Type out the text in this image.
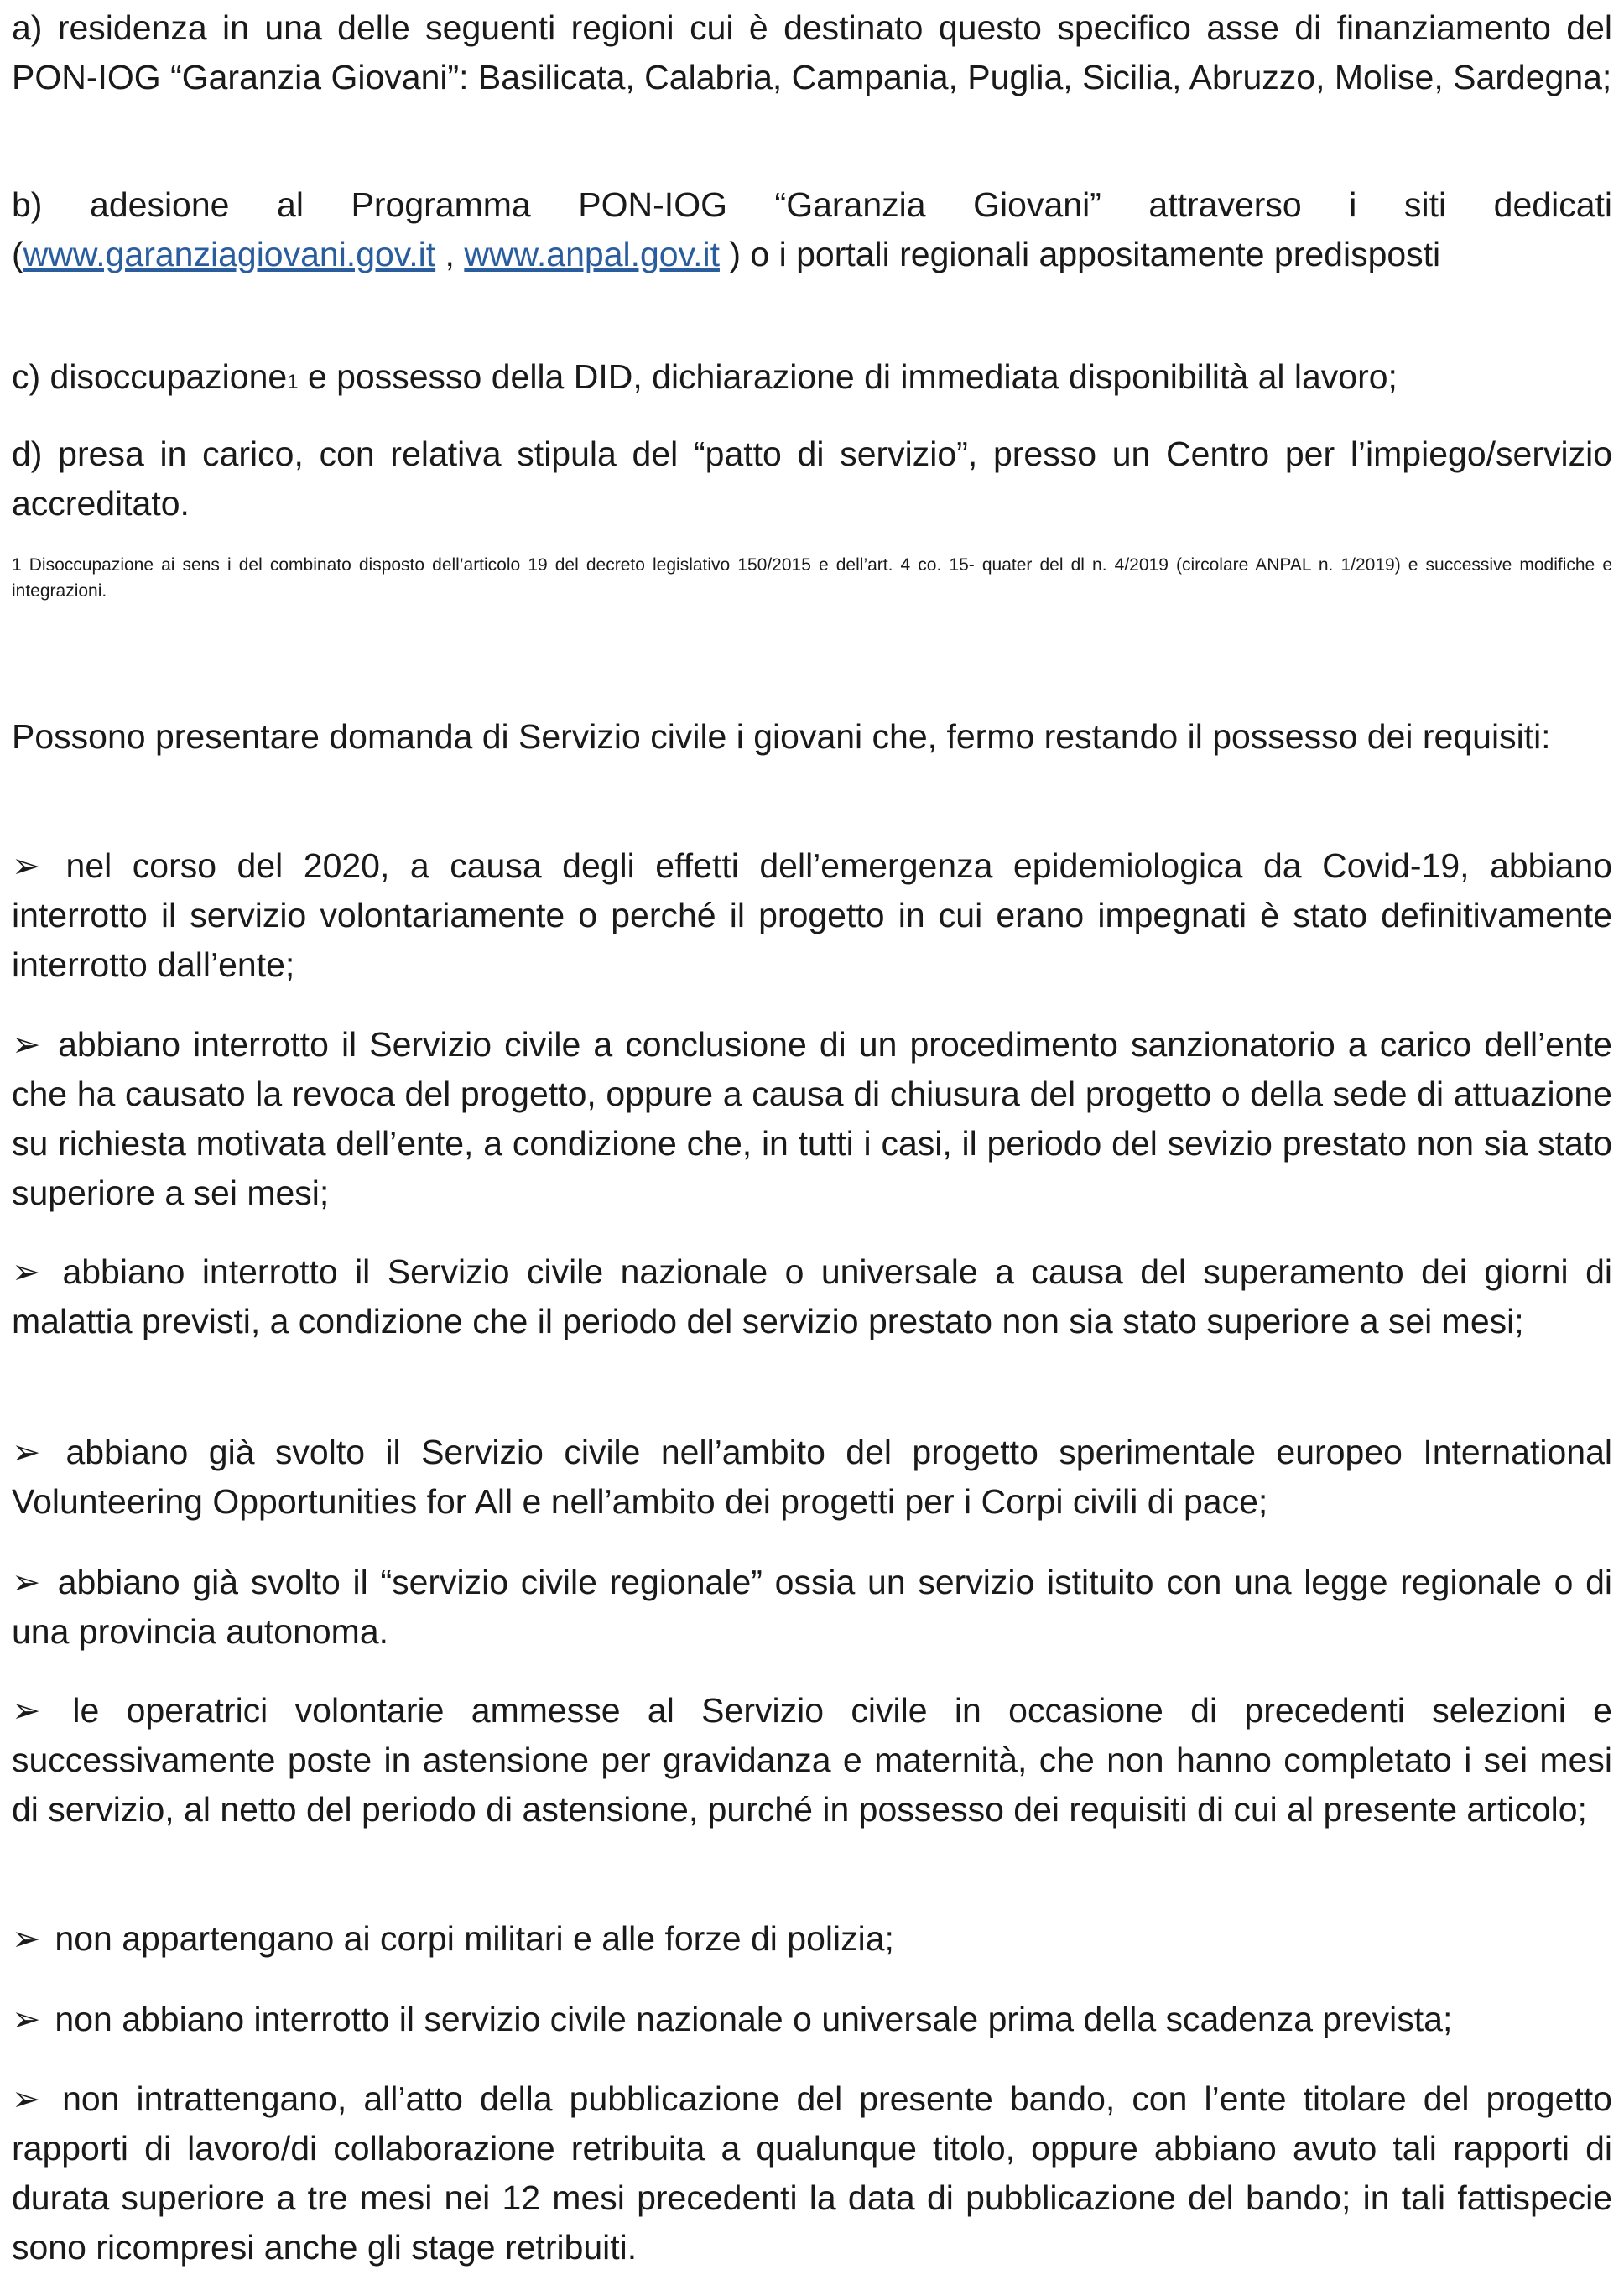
a) residenza in una delle seguenti regioni cui è destinato questo specifico asse di finanziamento del PON-IOG “Garanzia Giovani”: Basilicata, Calabria, Campania, Puglia, Sicilia, Abruzzo, Molise, Sardegna;

b) adesione al Programma PON-IOG “Garanzia Giovani” attraverso i siti dedicati (www.garanziagiovani.gov.it , www.anpal.gov.it ) o i portali regionali appositamente predisposti

c) disoccupazione1 e possesso della DID, dichiarazione di immediata disponibilità al lavoro;

d) presa in carico, con relativa stipula del “patto di servizio”, presso un Centro per l’impiego/servizio accreditato.

1 Disoccupazione ai sens i del combinato disposto dell’articolo 19 del decreto legislativo 150/2015 e dell’art. 4 co. 15- quater del dl n. 4/2019 (circolare ANPAL n. 1/2019) e successive modifiche e integrazioni.

Possono presentare domanda di Servizio civile i giovani che, fermo restando il possesso dei requisiti:

➢ nel corso del 2020, a causa degli effetti dell’emergenza epidemiologica da Covid-19, abbiano interrotto il servizio volontariamente o perché il progetto in cui erano impegnati è stato definitivamente interrotto dall’ente;

➢ abbiano interrotto il Servizio civile a conclusione di un procedimento sanzionatorio a carico dell’ente che ha causato la revoca del progetto, oppure a causa di chiusura del progetto o della sede di attuazione su richiesta motivata dell’ente, a condizione che, in tutti i casi, il periodo del sevizio prestato non sia stato superiore a sei mesi;

➢ abbiano interrotto il Servizio civile nazionale o universale a causa del superamento dei giorni di malattia previsti, a condizione che il periodo del servizio prestato non sia stato superiore a sei mesi;

➢ abbiano già svolto il Servizio civile nell’ambito del progetto sperimentale europeo International Volunteering Opportunities for All e nell’ambito dei progetti per i Corpi civili di pace;

➢ abbiano già svolto il “servizio civile regionale” ossia un servizio istituito con una legge regionale o di una provincia autonoma.

➢ le operatrici volontarie ammesse al Servizio civile in occasione di precedenti selezioni e successivamente poste in astensione per gravidanza e maternità, che non hanno completato i sei mesi di servizio, al netto del periodo di astensione, purché in possesso dei requisiti di cui al presente articolo;

➢ non appartengano ai corpi militari e alle forze di polizia;

➢ non abbiano interrotto il servizio civile nazionale o universale prima della scadenza prevista;

➢ non intrattengano, all’atto della pubblicazione del presente bando, con l’ente titolare del progetto rapporti di lavoro/di collaborazione retribuita a qualunque titolo, oppure abbiano avuto tali rapporti di durata superiore a tre mesi nei 12 mesi precedenti la data di pubblicazione del bando; in tali fattispecie sono ricompresi anche gli stage retribuiti.
